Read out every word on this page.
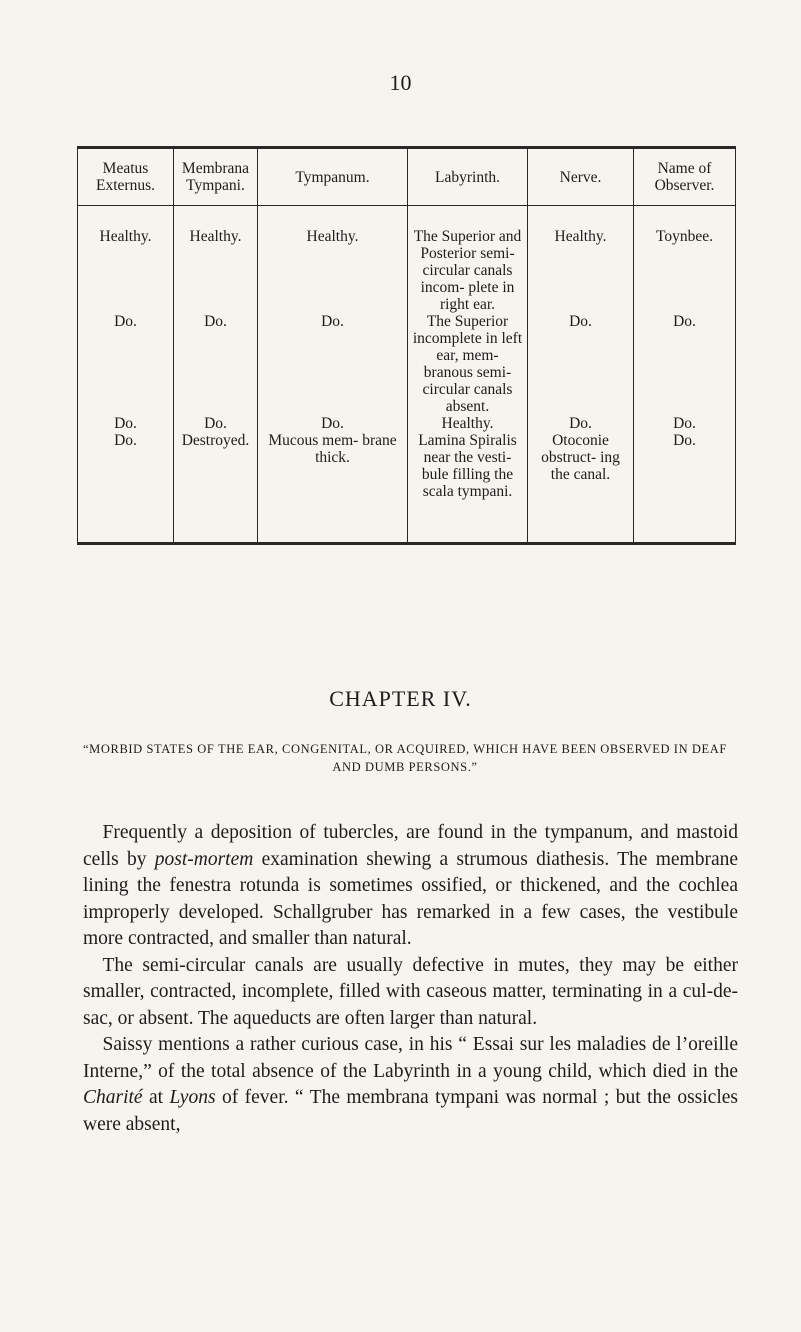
10
Meatus Externus.	Membrana Tympani.	Tympanum.	Labyrinth.	Nerve.	Name of Observer.
Healthy.	Healthy.	Healthy.	The Superior and Posterior semi-circular canals incom- plete in right ear.	Healthy.	Toynbee.
Do.	Do.	Do.	The Superior incomplete in left ear, mem- branous semi- circular canals absent.	Do.	Do.
Do.	Do.	Do.	Healthy.	Do.	Do.
Do.	Destroyed.	Mucous mem- brane thick.	Lamina Spiralis near the vesti- bule filling the scala tympani.	Otoconie obstruct- ing the canal.	Do.
CHAPTER IV.
“MORBID STATES OF THE EAR, CONGENITAL, OR ACQUIRED, WHICH HAVE BEEN OBSERVED IN DEAF AND DUMB PERSONS.”

 Frequently a deposition of tubercles, are found in the tympanum, and mastoid cells by post-mortem examination shewing a strumous diathesis. The membrane lining the fenestra rotunda is sometimes ossified, or thickened, and the cochlea improperly developed. Schallgruber has remarked in a few cases, the vestibule more contracted, and smaller than natural.

 The semi-circular canals are usually defective in mutes, they may be either smaller, contracted, incomplete, filled with caseous matter, terminating in a cul-de-sac, or absent. The aqueducts are often larger than natural.

 Saissy mentions a rather curious case, in his “ Essai sur les maladies de l’oreille Interne,” of the total absence of the Labyrinth in a young child, which died in the Charité at Lyons of fever. “ The membrana tympani was normal ; but the ossicles were absent,
